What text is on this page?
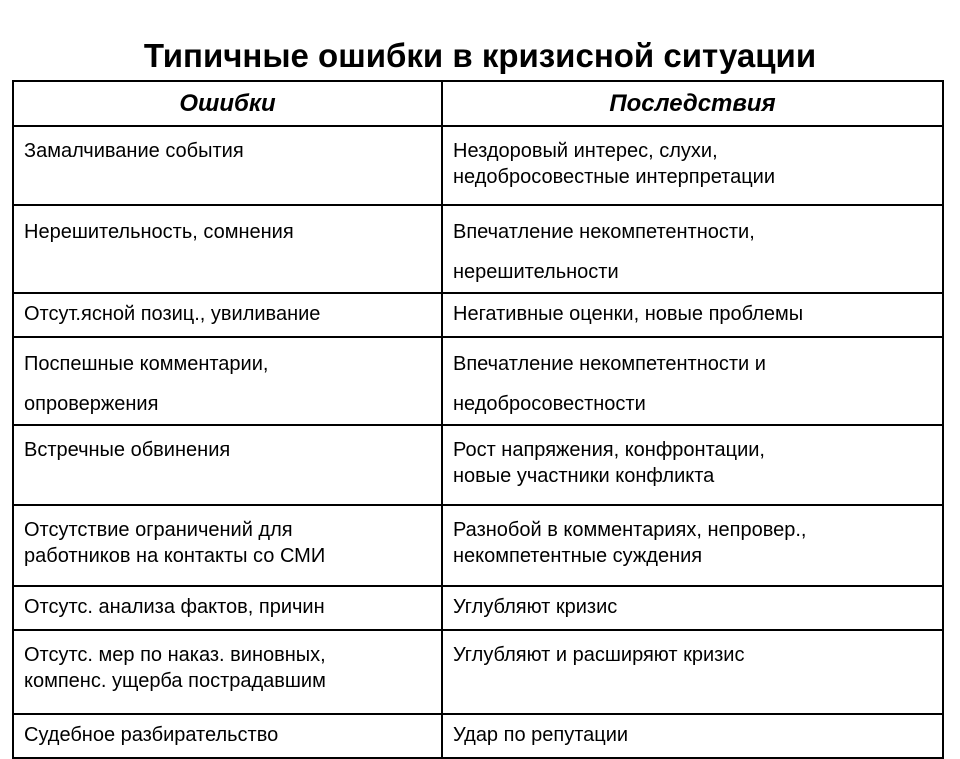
Типичные ошибки в кризисной ситуации
Ошибки	Последствия

Замалчивание события	Нездоровый интерес, слухи,
недобросовестные интерпретации

Нерешительность, сомнения	Впечатление некомпетентности,
нерешительности

Отсут.ясной позиц., увиливание	Негативные оценки, новые проблемы

Поспешные комментарии,
опровержения	Впечатление некомпетентности и
недобросовестности

Встречные обвинения	Рост напряжения, конфронтации,
новые участники конфликта

Отсутствие ограничений для
работников на контакты со СМИ	Разнобой в комментариях, непровер.,
некомпетентные суждения

Отсутс. анализа фактов, причин	Углубляют кризис

Отсутс. мер по наказ. виновных,
компенс. ущерба пострадавшим	Углубляют и расширяют кризис

Судебное разбирательство	Удар по репутации
